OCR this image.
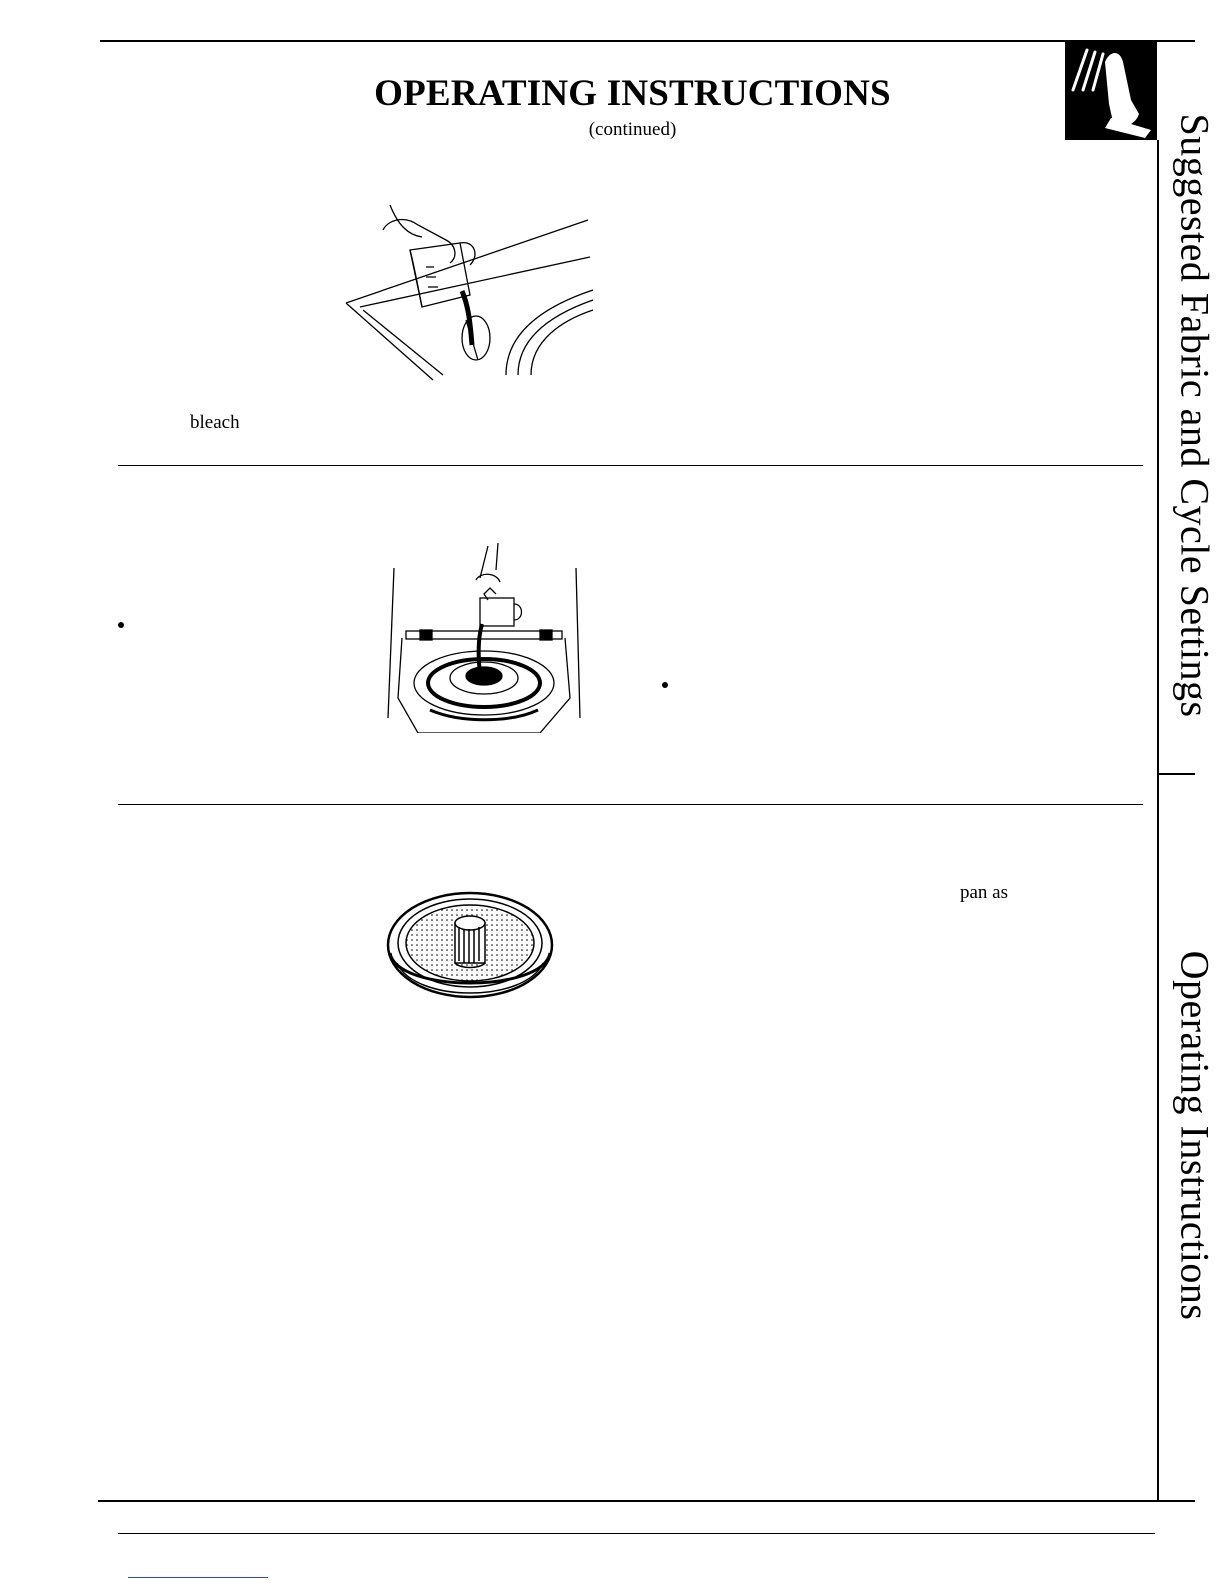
Suggested Fabric and Cycle Settings
Operating Instructions
OPERATING INSTRUCTIONS
(continued)
bleach
pan as
